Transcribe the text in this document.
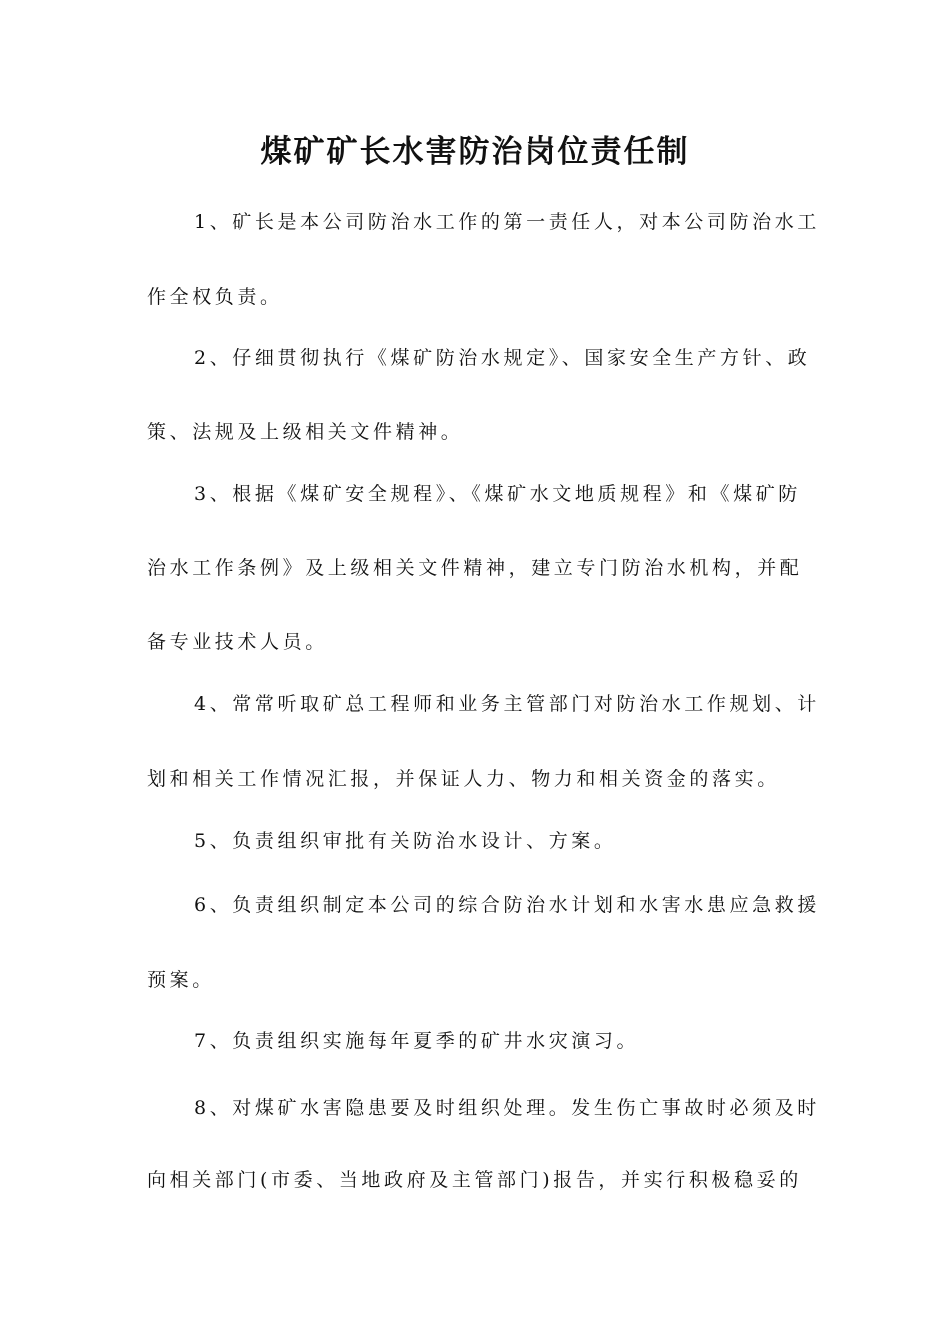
煤矿矿长水害防治岗位责任制

1、矿长是本公司防治水工作的第一责任人，对本公司防治水工

作全权负责。

2、仔细贯彻执行《煤矿防治水规定》、国家安全生产方针、政

策、法规及上级相关文件精神。

3、根据《煤矿安全规程》、《煤矿水文地质规程》和《煤矿防

治水工作条例》及上级相关文件精神，建立专门防治水机构，并配

备专业技术人员。

4、常常听取矿总工程师和业务主管部门对防治水工作规划、计

划和相关工作情况汇报，并保证人力、物力和相关资金的落实。

5、负责组织审批有关防治水设计、方案。

6、负责组织制定本公司的综合防治水计划和水害水患应急救援

预案。

7、负责组织实施每年夏季的矿井水灾演习。

8、对煤矿水害隐患要及时组织处理。发生伤亡事故时必须及时

向相关部门(市委、当地政府及主管部门)报告，并实行积极稳妥的
